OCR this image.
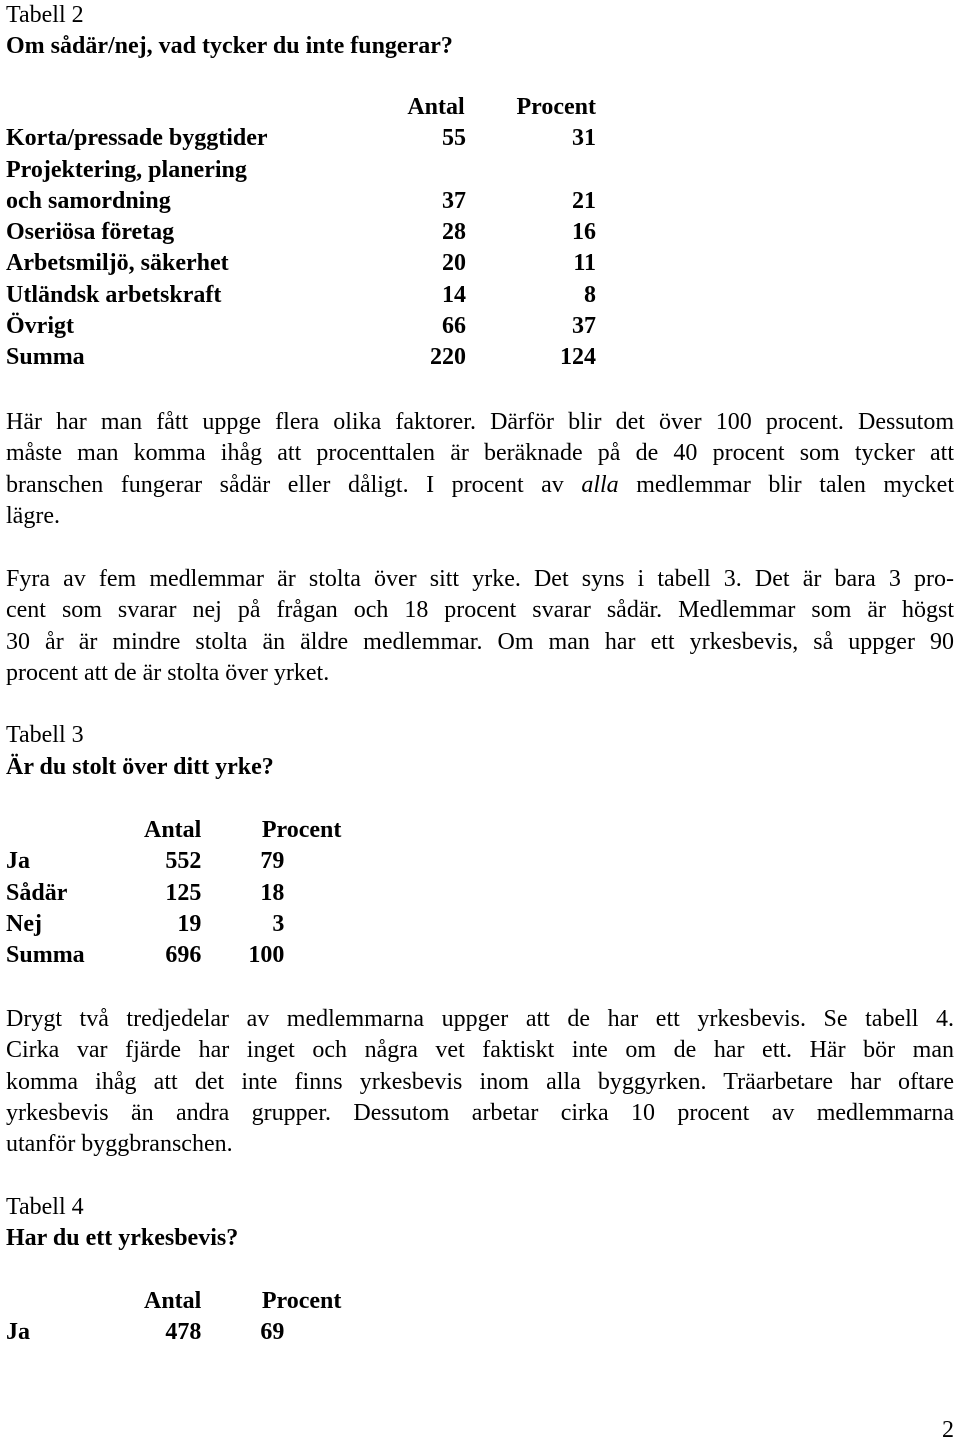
Tabell 2
Om sådär/nej, vad tycker du inte fungerar?
	Antal	Procent
Korta/pressade byggtider	55	31
Projektering, planering		
och samordning	37	21
Oseriösa företag	28	16
Arbetsmiljö, säkerhet	20	11
Utländsk arbetskraft	14	8
Övrigt	66	37
Summa	220	124
Här har man fått uppge flera olika faktorer. Därför blir det över 100 procent. Dessutom
måste man komma ihåg att procenttalen är beräknade på de 40 procent som tycker att
branschen fungerar sådär eller dåligt. I procent av alla medlemmar blir talen mycket
lägre.
Fyra av fem medlemmar är stolta över sitt yrke. Det syns i tabell 3. Det är bara 3 pro-
cent som svarar nej på frågan och 18 procent svarar sådär. Medlemmar som är högst
30 år är mindre stolta än äldre medlemmar. Om man har ett yrkesbevis, så uppger 90
procent att de är stolta över yrket.
Tabell 3
Är du stolt över ditt yrke?
	Antal	Procent
Ja	552	79
Sådär	125	18
Nej	19	3
Summa	696	100
Drygt två tredjedelar av medlemmarna uppger att de har ett yrkesbevis. Se tabell 4.
Cirka var fjärde har inget och några vet faktiskt inte om de har ett. Här bör man
komma ihåg att det inte finns yrkesbevis inom alla byggyrken. Träarbetare har oftare
yrkesbevis än andra grupper. Dessutom arbetar cirka 10 procent av medlemmarna
utanför byggbranschen.
Tabell 4
Har du ett yrkesbevis?
	Antal	Procent
Ja	478	69
2
